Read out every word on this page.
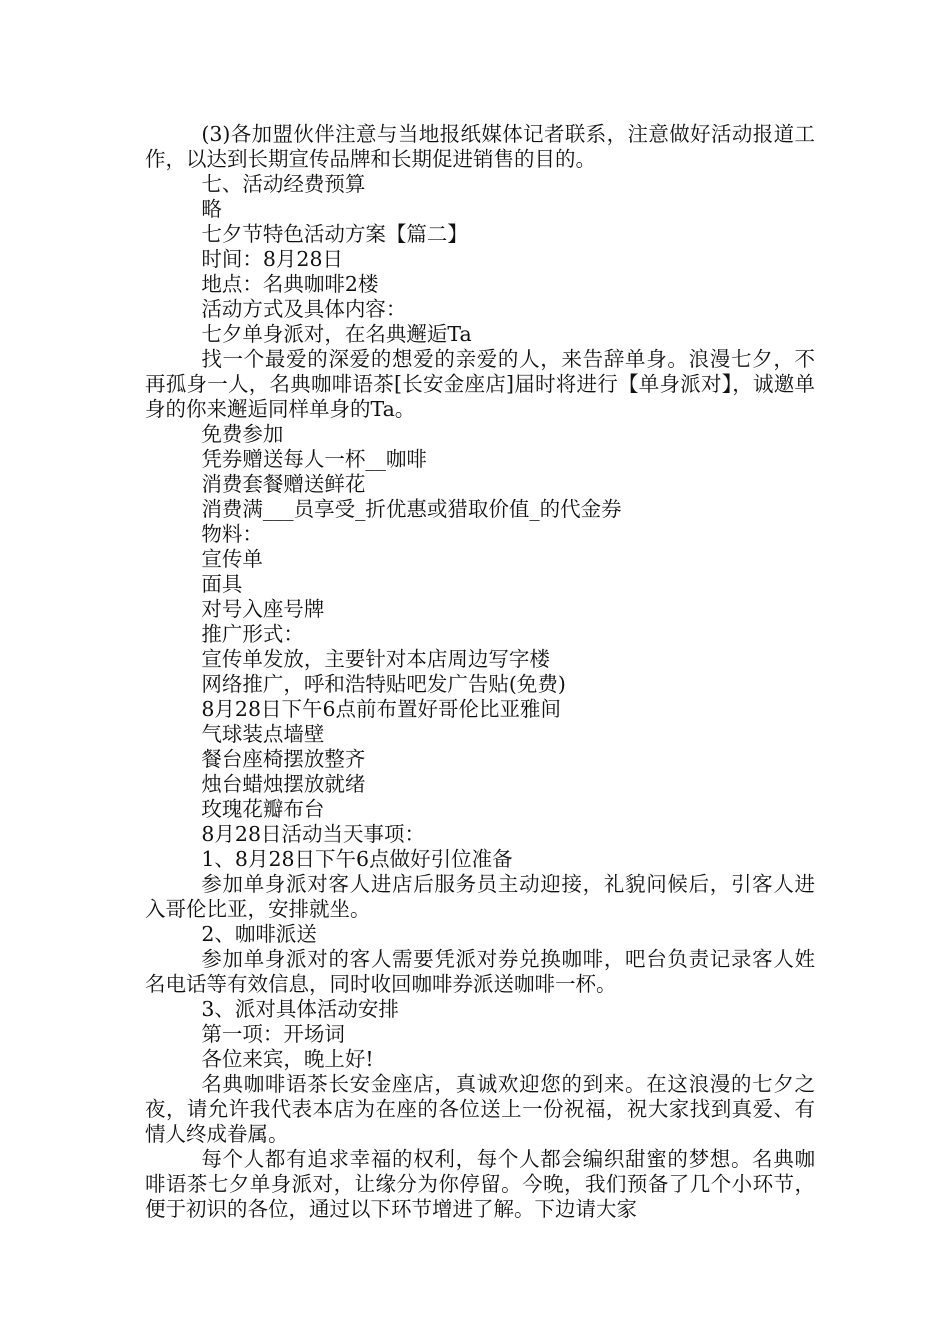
(3)各加盟伙伴注意与当地报纸媒体记者联系，注意做好活动报道工作，以达到长期宣传品牌和长期促进销售的目的。

七、活动经费预算

略

七夕节特色活动方案【篇二】

时间：8月28日

地点：名典咖啡2楼

活动方式及具体内容：

七夕单身派对，在名典邂逅Ta

找一个最爱的深爱的想爱的亲爱的人，来告辞单身。浪漫七夕，不再孤身一人，名典咖啡语茶[长安金座店]届时将进行【单身派对】，诚邀单身的你来邂逅同样单身的Ta。

免费参加

凭券赠送每人一杯__咖啡

消费套餐赠送鲜花

消费满___员享受_折优惠或猎取价值_的代金券

物料：

宣传单

面具

对号入座号牌

推广形式：

宣传单发放，主要针对本店周边写字楼

网络推广，呼和浩特贴吧发广告贴(免费)

8月28日下午6点前布置好哥伦比亚雅间

气球装点墙壁

餐台座椅摆放整齐

烛台蜡烛摆放就绪

玫瑰花瓣布台

8月28日活动当天事项：

1、8月28日下午6点做好引位准备

参加单身派对客人进店后服务员主动迎接，礼貌问候后，引客人进入哥伦比亚，安排就坐。

2、咖啡派送

参加单身派对的客人需要凭派对券兑换咖啡，吧台负责记录客人姓名电话等有效信息，同时收回咖啡券派送咖啡一杯。

3、派对具体活动安排

第一项：开场词

各位来宾，晚上好!

名典咖啡语茶长安金座店，真诚欢迎您的到来。在这浪漫的七夕之夜，请允许我代表本店为在座的各位送上一份祝福，祝大家找到真爱、有情人终成眷属。

每个人都有追求幸福的权利，每个人都会编织甜蜜的梦想。名典咖啡语茶七夕单身派对，让缘分为你停留。今晚，我们预备了几个小环节，便于初识的各位，通过以下环节增进了解。下边请大家
